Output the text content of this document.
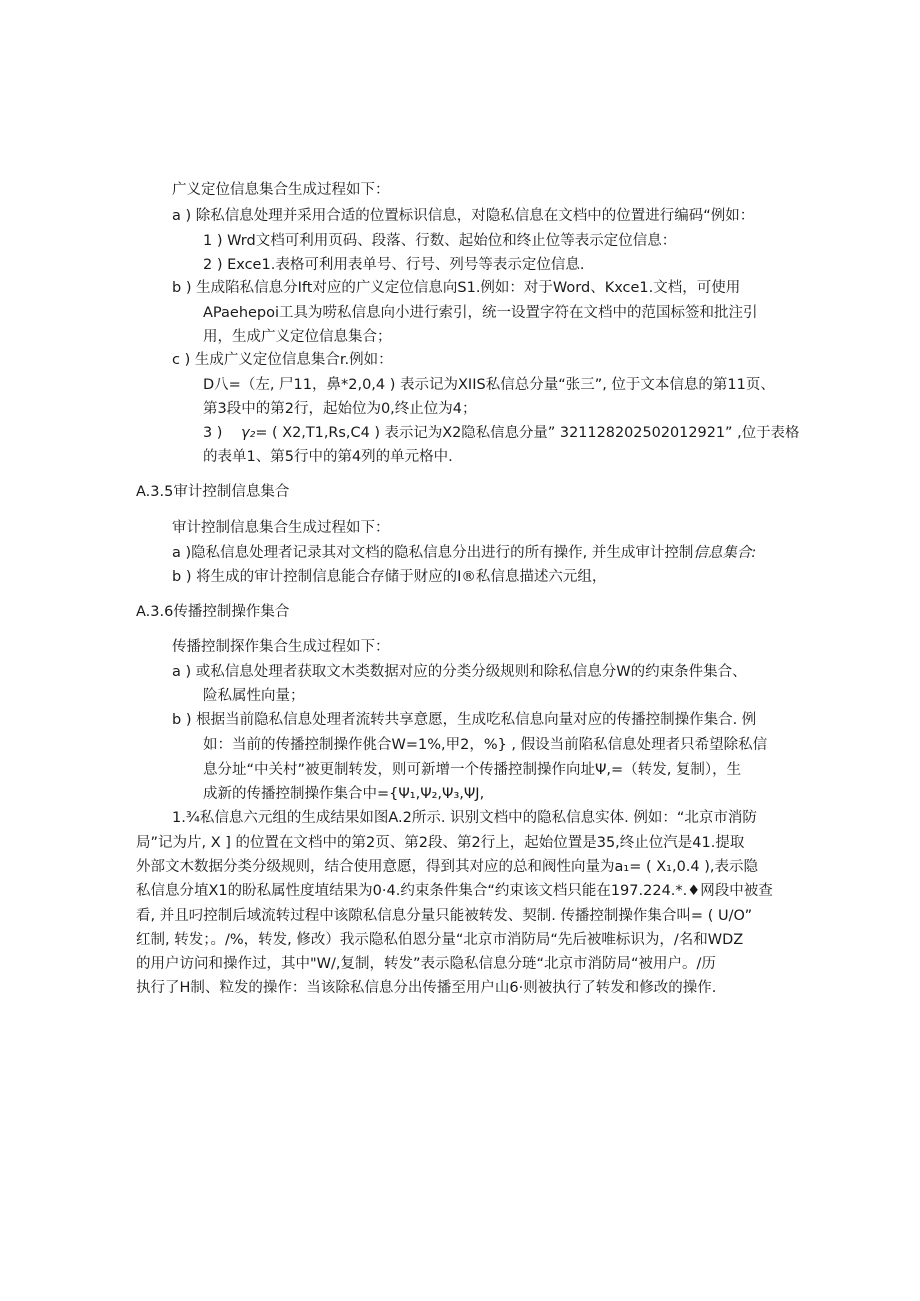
广义定位信息集合生成过程如下：
a ) 除私信息处理并采用合适的位置标识信息，对隐私信息在文档中的位置进行编码“例如：
1 ) Wrd文档可利用页码、段落、行数、起始位和终止位等表示定位信息：
2 ) Exce1.表格可利用表单号、行号、列号等表示定位信息.
b ) 生成陷私信息分Ift对应的广义定位信息向S1.例如：对于Word、Kxce1.文档，可使用
APaehepoi工具为唠私信息向小进行索引，统一设置字符在文档中的范国标签和批注引
用，生成广义定位信息集合；
c ) 生成广义定位信息集合r.例如：
D八=（左, 尸11，鼻*2,0,4 ) 表示记为XIIS私信总分量“张三”, 位于文本信息的第11页、
第3段中的第2行，起始位为0,终止位为4；
3 ) γ₂= ( X2,T1,Rs,C4 ) 表示记为X2隐私信息分量” 321128202502012921” ,位于表格
的表单1、第5行中的第4列的单元格中.
A.3.5审计控制信息集合
审计控制信息集合生成过程如下：
a )隐私信息处理者记录其对文档的隐私信息分出进行的所有操作, 并生成审计控制信息集合:
b ) 将生成的审计控制信息能合存储于财应的I®私信息描述六元组，
A.3.6传播控制操作集合
传播控制探作集合生成过程如下：
a ) 或私信息处理者获取文木类数据对应的分类分级规则和除私信息分W的约束条件集合、
险私属性向量；
b ) 根据当前隐私信息处理者流转共享意愿，生成吃私信息向量对应的传播控制操作集合. 例
如：当前的传播控制操作佻合W=1%,甲2，%} , 假设当前陷私信息处理者只希望除私信
息分址“中关村”被更制转发，则可新增一个传播控制操作向址Ψ,=（转发, 复制），生
成新的传播控制操作集合中={Ψ₁,Ψ₂,Ψ₃,ΨJ,
1.¾私信息六元组的生成结果如图A.2所示. 识别文档中的隐私信息实体. 例如：“北京市消防
局”记为片, X ] 的位置在文档中的第2页、第2段、第2行上，起始位置是35,终止位汽是41.提取
外部文木数据分类分级规则，结合使用意愿，得到其对应的总和阀性向量为a₁= ( X₁,0.4 ),表示隐
私信息分埴X1的盼私属性度埴结果为0·4.约束条件集合“约束该文档只能在197.224.*.♦网段中被查
看, 并且叼控制后域流转过程中该隙私信息分量只能被转发、契制. 传播控制操作集合叫= ( U/O”
红制, 转发；。/%，转发, 修改）我示隐私伯恩分量“北京市消防局“先后被唯标识为，/名和WDZ
的用户访问和操作过，其中"W/,复制，转发”表示隐私信息分琏“北京市消防局“被用户。/历
执行了H制、粒发的操作：当该除私信息分出传播至用户山6·则被执行了转发和修改的操作.
